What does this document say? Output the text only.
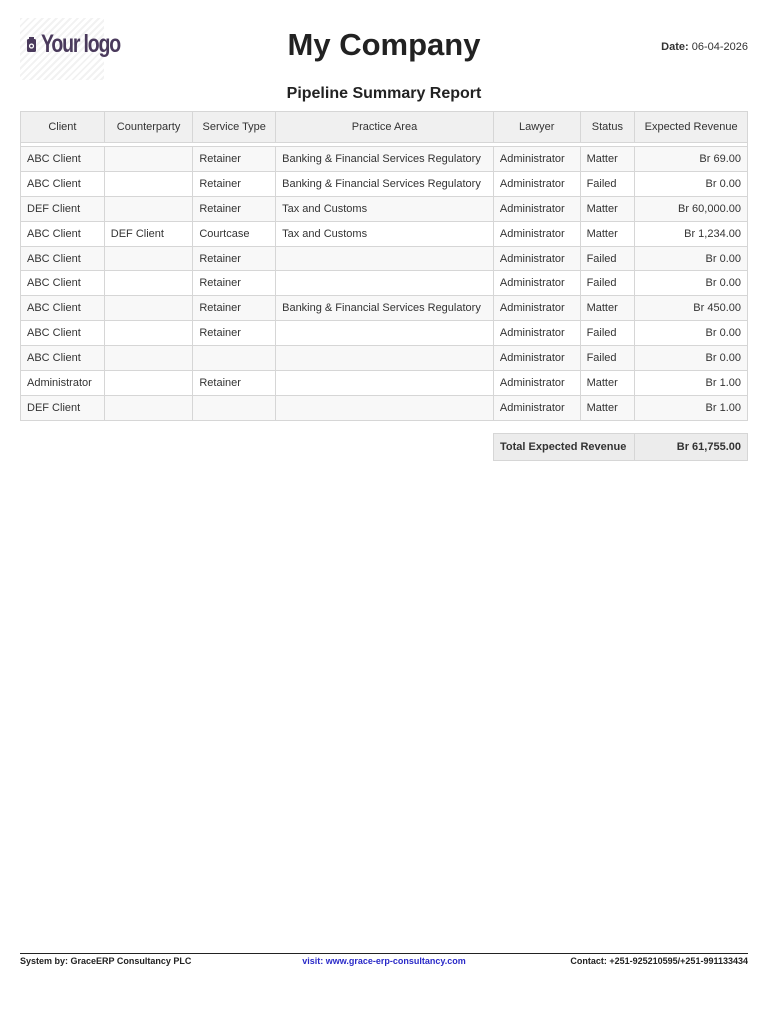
Your logo	My Company	Date: 06-04-2026
Pipeline Summary Report
Client	Counterparty	Service Type	Practice Area	Lawyer	Status	Expected Revenue

ABC Client		Retainer	Banking & Financial Services Regulatory	Administrator	Matter	Br 69.00
ABC Client		Retainer	Banking & Financial Services Regulatory	Administrator	Failed	Br 0.00
DEF Client		Retainer	Tax and Customs	Administrator	Matter	Br 60,000.00
ABC Client	DEF Client	Courtcase	Tax and Customs	Administrator	Matter	Br 1,234.00
ABC Client		Retainer		Administrator	Failed	Br 0.00
ABC Client		Retainer		Administrator	Failed	Br 0.00
ABC Client		Retainer	Banking & Financial Services Regulatory	Administrator	Matter	Br 450.00
ABC Client		Retainer		Administrator	Failed	Br 0.00
ABC Client				Administrator	Failed	Br 0.00
Administrator		Retainer		Administrator	Matter	Br 1.00
DEF Client				Administrator	Matter	Br 1.00
Total Expected Revenue	Br 61,755.00
System by: GraceERP Consultancy PLC	visit: www.grace-erp-consultancy.com	Contact: +251-925210595/+251-991133434
